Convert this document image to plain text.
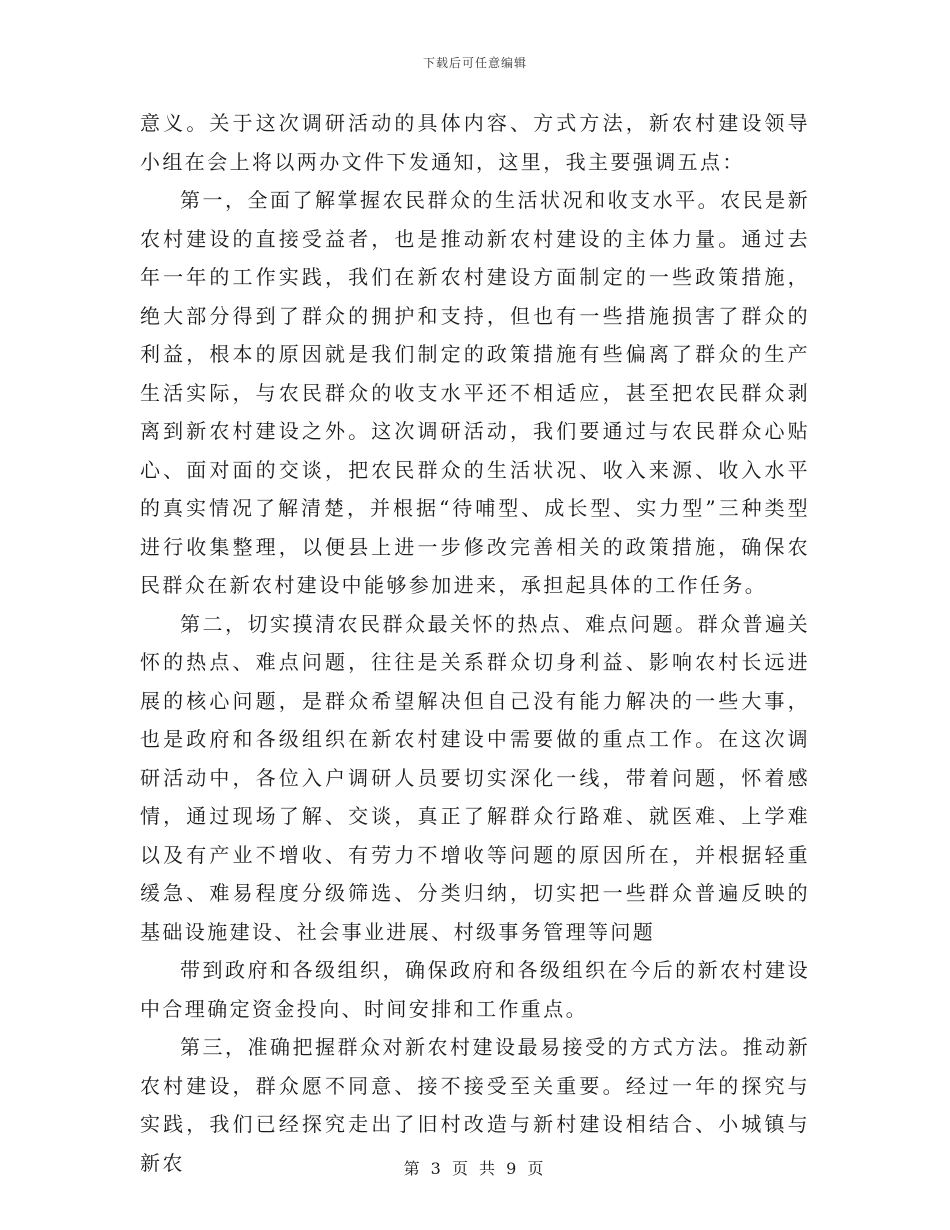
下载后可任意编辑

意义。关于这次调研活动的具体内容、方式方法，新农村建设领导小组在会上将以两办文件下发通知，这里，我主要强调五点：

第一，全面了解掌握农民群众的生活状况和收支水平。农民是新农村建设的直接受益者，也是推动新农村建设的主体力量。通过去年一年的工作实践，我们在新农村建设方面制定的一些政策措施，绝大部分得到了群众的拥护和支持，但也有一些措施损害了群众的利益，根本的原因就是我们制定的政策措施有些偏离了群众的生产生活实际，与农民群众的收支水平还不相适应，甚至把农民群众剥离到新农村建设之外。这次调研活动，我们要通过与农民群众心贴心、面对面的交谈，把农民群众的生活状况、收入来源、收入水平的真实情况了解清楚，并根据“待哺型、成长型、实力型”三种类型进行收集整理，以便县上进一步修改完善相关的政策措施，确保农民群众在新农村建设中能够参加进来，承担起具体的工作任务。

第二，切实摸清农民群众最关怀的热点、难点问题。群众普遍关怀的热点、难点问题，往往是关系群众切身利益、影响农村长远进展的核心问题，是群众希望解决但自己没有能力解决的一些大事，也是政府和各级组织在新农村建设中需要做的重点工作。在这次调研活动中，各位入户调研人员要切实深化一线，带着问题，怀着感情，通过现场了解、交谈，真正了解群众行路难、就医难、上学难以及有产业不增收、有劳力不增收等问题的原因所在，并根据轻重缓急、难易程度分级筛选、分类归纳，切实把一些群众普遍反映的基础设施建设、社会事业进展、村级事务管理等问题

带到政府和各级组织，确保政府和各级组织在今后的新农村建设中合理确定资金投向、时间安排和工作重点。

第三，准确把握群众对新农村建设最易接受的方式方法。推动新农村建设，群众愿不同意、接不接受至关重要。经过一年的探究与实践，我们已经探究走出了旧村改造与新村建设相结合、小城镇与新农	第 3 页 共 9 页
